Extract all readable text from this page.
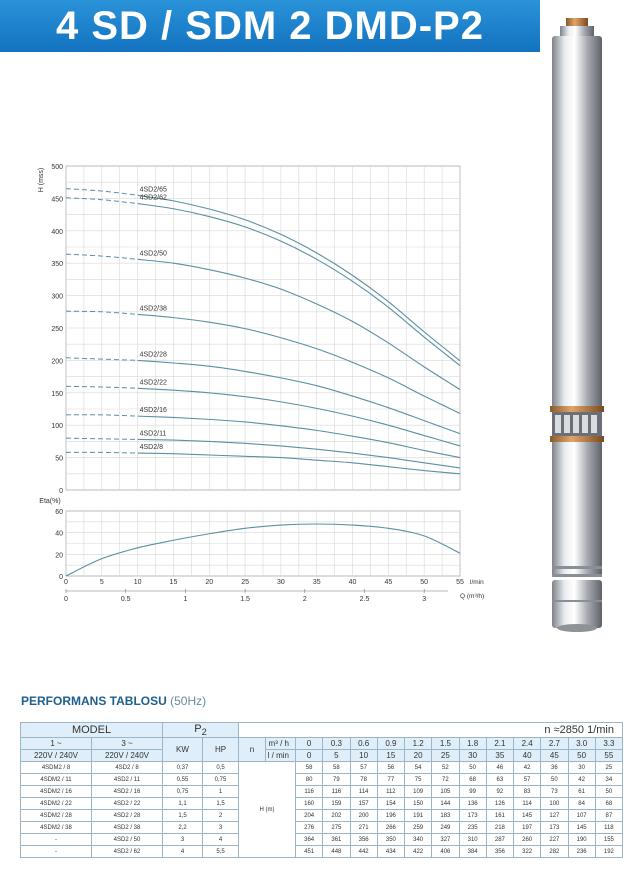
4 SD / SDM 2 DMD-P2
0
50
100
150
200
250
300
350
400
450
500
H (mss)
0
20
40
60
Eta(%)
0	5	10	15	20	25	30	35	40	45	50	55 l/min
0	0.5	1	1.5	2	2.5	3	Q (m³/h)
4SD2/65
4SD2/62
4SD2/50
4SD2/38
4SD2/28
4SD2/22
4SD2/16
4SD2/11
4SD2/8
PERFORMANS TABLOSU (50Hz)
MODEL		$P_2$		n ≈2850 1/min													
1 ~	3 ~	KW	HP	n	m³ / h	0	0.3	0.6	0.9	1.2	1.5	1.8	2.1	2.4	2.7	3.0	3.3
220V / 240V	220V / 240V				l / min	0	5	10	15	20	25	30	35	40	45	50	55
4SDM2 / 8	4SD2 / 8	0,37	0,5	H (m)		58	58	57	56	54	52	50	46	42	36	30	25
4SDM2 / 11	4SD2 / 11	0,55	0,75			80	79	78	77	75	72	68	63	57	50	42	34
4SDM2 / 16	4SD2 / 16	0,75	1			116	116	114	112	109	105	99	92	83	73	61	50
4SDM2 / 22	4SD2 / 22	1,1	1,5			160	159	157	154	150	144	136	126	114	100	84	68
4SDM2 / 28	4SD2 / 28	1,5	2			204	202	200	196	191	183	173	161	145	127	107	87
4SDM2 / 38	4SD2 / 38	2,2	3			276	275	271	266	259	249	235	218	197	173	145	118
-	4SD2 / 50	3	4			364	361	356	350	340	327	310	287	260	227	190	155
-	4SD2 / 62	4	5,5			451	448	442	434	422	406	384	356	322	282	236	192
